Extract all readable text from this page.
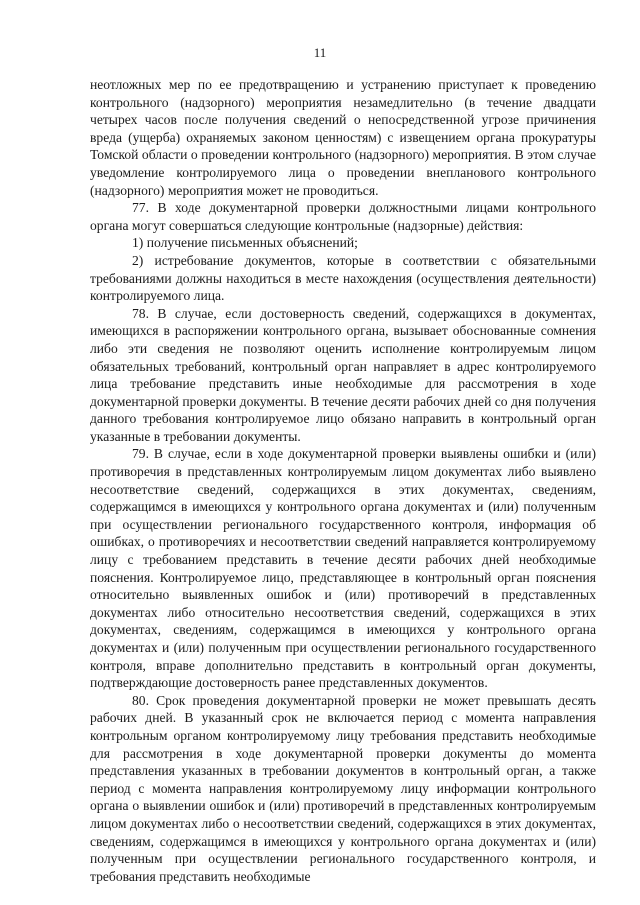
11

неотложных мер по ее предотвращению и устранению приступает к проведению контрольного (надзорного) мероприятия незамедлительно (в течение двадцати четырех часов после получения сведений о непосредственной угрозе причинения вреда (ущерба) охраняемых законом ценностям) с извещением органа прокуратуры Томской области о проведении контрольного (надзорного) мероприятия. В этом случае уведомление контролируемого лица о проведении внепланового контрольного (надзорного) мероприятия может не проводиться.

77. В ходе документарной проверки должностными лицами контрольного органа могут совершаться следующие контрольные (надзорные) действия:

1) получение письменных объяснений;

2) истребование документов, которые в соответствии с обязательными требованиями должны находиться в месте нахождения (осуществления деятельности) контролируемого лица.

78. В случае, если достоверность сведений, содержащихся в документах, имеющихся в распоряжении контрольного органа, вызывает обоснованные сомнения либо эти сведения не позволяют оценить исполнение контролируемым лицом обязательных требований, контрольный орган направляет в адрес контролируемого лица требование представить иные необходимые для рассмотрения в ходе документарной проверки документы. В течение десяти рабочих дней со дня получения данного требования контролируемое лицо обязано направить в контрольный орган указанные в требовании документы.

79. В случае, если в ходе документарной проверки выявлены ошибки и (или) противоречия в представленных контролируемым лицом документах либо выявлено несоответствие сведений, содержащихся в этих документах, сведениям, содержащимся в имеющихся у контрольного органа документах и (или) полученным при осуществлении регионального государственного контроля, информация об ошибках, о противоречиях и несоответствии сведений направляется контролируемому лицу с требованием представить в течение десяти рабочих дней необходимые пояснения. Контролируемое лицо, представляющее в контрольный орган пояснения относительно выявленных ошибок и (или) противоречий в представленных документах либо относительно несоответствия сведений, содержащихся в этих документах, сведениям, содержащимся в имеющихся у контрольного органа документах и (или) полученным при осуществлении регионального государственного контроля, вправе дополнительно представить в контрольный орган документы, подтверждающие достоверность ранее представленных документов.

80. Срок проведения документарной проверки не может превышать десять рабочих дней. В указанный срок не включается период с момента направления контрольным органом контролируемому лицу требования представить необходимые для рассмотрения в ходе документарной проверки документы до момента представления указанных в требовании документов в контрольный орган, а также период с момента направления контролируемому лицу информации контрольного органа о выявлении ошибок и (или) противоречий в представленных контролируемым лицом документах либо о несоответствии сведений, содержащихся в этих документах, сведениям, содержащимся в имеющихся у контрольного органа документах и (или) полученным при осуществлении регионального государственного контроля, и требования представить необходимые
